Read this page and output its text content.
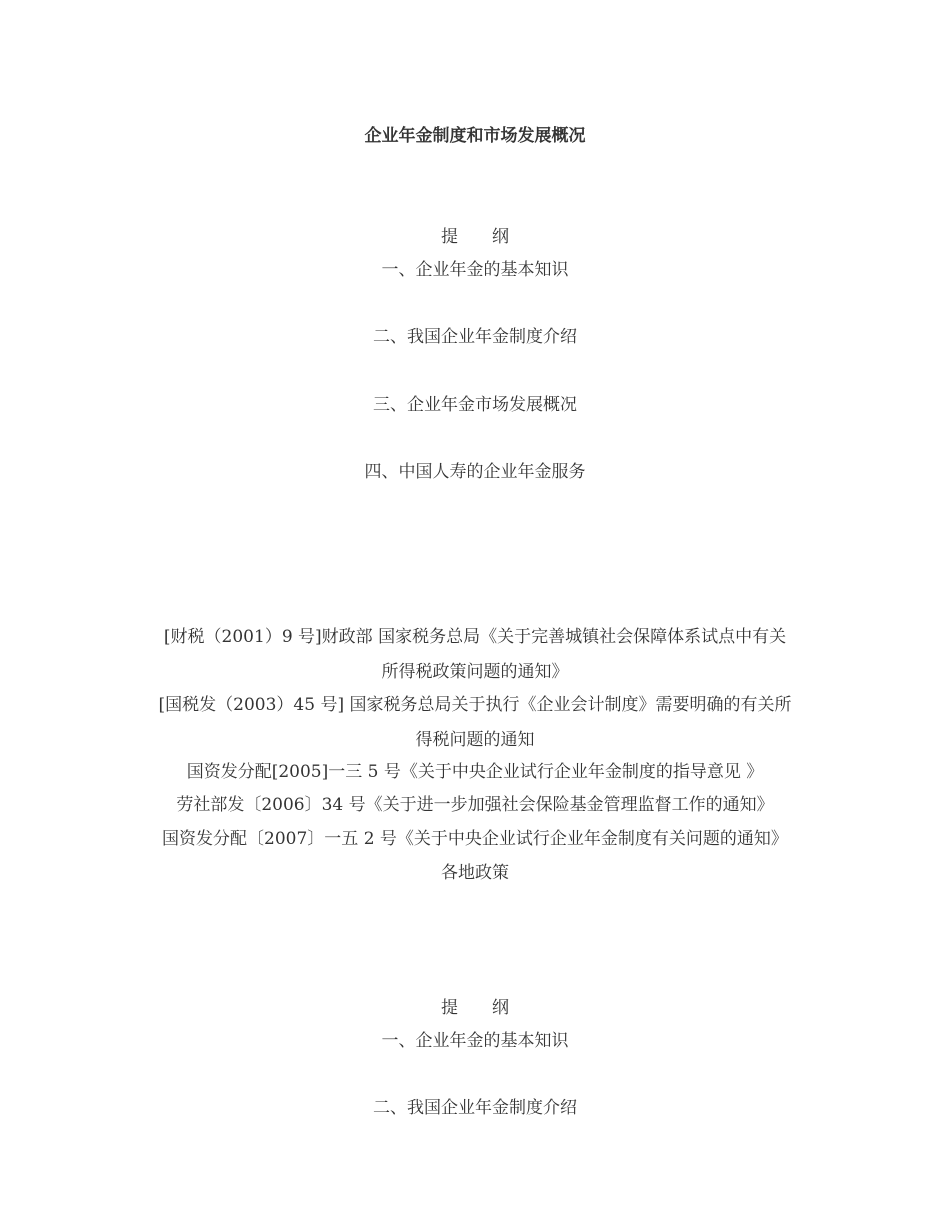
企业年金制度和市场发展概况
提　　纲
一、企业年金的基本知识
二、我国企业年金制度介绍
三、企业年金市场发展概况
四、中国人寿的企业年金服务
[财税（2001）9 号]财政部 国家税务总局《关于完善城镇社会保障体系试点中有关
所得税政策问题的通知》
[国税发（2003）45 号] 国家税务总局关于执行《企业会计制度》需要明确的有关所
得税问题的通知
国资发分配[2005]一三 5 号《关于中央企业试行企业年金制度的指导意见 》
劳社部发〔2006〕34 号《关于进一步加强社会保险基金管理监督工作的通知》
国资发分配〔2007〕一五 2 号《关于中央企业试行企业年金制度有关问题的通知》
各地政策
提　　纲
一、企业年金的基本知识
二、我国企业年金制度介绍
